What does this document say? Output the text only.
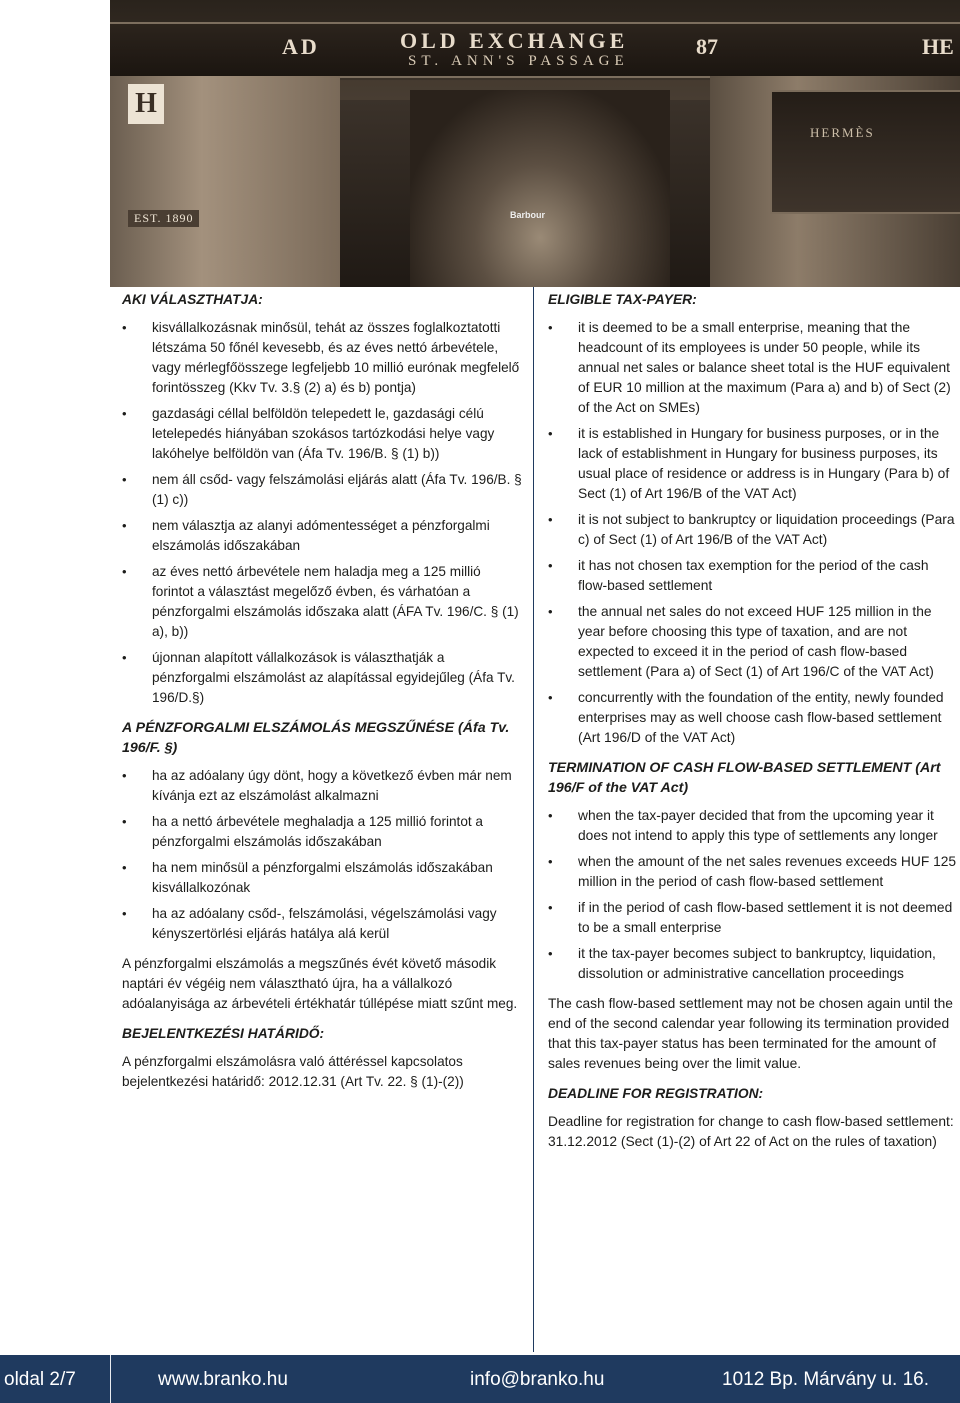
AD	OLD EXCHANGE	87	HE
ST. ANN'S PASSAGE
HERMÈS
H
EST. 1890	Barbour
AKI VÁLASZTHATJA:
• kisvállalkozásnak minősül, tehát az összes foglalkoztatotti létszáma 50 főnél kevesebb, és az éves nettó árbevétele, vagy mérlegfőösszege legfeljebb 10 millió eurónak megfelelő forintösszeg (Kkv Tv. 3.§ (2) a) és b) pontja)
• gazdasági céllal belföldön telepedett le, gazdasági célú letelepedés hiányában szokásos tartózkodási helye vagy lakóhelye belföldön van (Áfa Tv. 196/B. § (1) b))
• nem áll csőd- vagy felszámolási eljárás alatt (Áfa Tv. 196/B. § (1) c))
• nem választja az alanyi adómentességet a pénzforgalmi elszámolás időszakában
• az éves nettó árbevétele nem haladja meg a 125 millió forintot a választást megelőző évben, és várhatóan a pénzforgalmi elszámolás időszaka alatt (ÁFA Tv. 196/C. § (1) a), b))
• újonnan alapított vállalkozások is választhatják a pénzforgalmi elszámolást az alapítással egyidejűleg (Áfa Tv. 196/D.§)
A PÉNZFORGALMI ELSZÁMOLÁS MEGSZŰNÉSE (Áfa Tv. 196/F. §)
• ha az adóalany úgy dönt, hogy a következő évben már nem kívánja ezt az elszámolást alkalmazni
• ha a nettó árbevétele meghaladja a 125 millió forintot a pénzforgalmi elszámolás időszakában
• ha nem minősül a pénzforgalmi elszámolás időszakában kisvállalkozónak
• ha az adóalany csőd-, felszámolási, végelszámolási vagy kényszertörlési eljárás hatálya alá kerül

A pénzforgalmi elszámolás a megszűnés évét követő második naptári év végéig nem választható újra, ha a vállalkozó adóalanyisága az árbevételi értékhatár túllépése miatt szűnt meg.

BEJELENTKEZÉSI HATÁRIDŐ:

A pénzforgalmi elszámolásra való áttéréssel kapcsolatos bejelentkezési határidő: 2012.12.31 (Art Tv. 22. § (1)-(2))

ELIGIBLE TAX-PAYER:
• it is deemed to be a small enterprise, meaning that the headcount of its employees is under 50 people, while its annual net sales or balance sheet total is the HUF equivalent of EUR 10 million at the maximum (Para a) and b) of Sect (2) of the Act on SMEs)
• it is established in Hungary for business purposes, or in the lack of establishment in Hungary for business purposes, its usual place of residence or address is in Hungary (Para b) of Sect (1) of Art 196/B of the VAT Act)
• it is not subject to bankruptcy or liquidation proceedings (Para c) of Sect (1) of Art 196/B of the VAT Act)
• it has not chosen tax exemption for the period of the cash flow-based settlement
• the annual net sales do not exceed HUF 125 million in the year before choosing this type of taxation, and are not expected to exceed it in the period of cash flow-based settlement (Para a) of Sect (1) of Art 196/C of the VAT Act)
• concurrently with the foundation of the entity, newly founded enterprises may as well choose cash flow-based settlement (Art 196/D of the VAT Act)
TERMINATION OF CASH FLOW-BASED SETTLEMENT (Art 196/F of the VAT Act)
• when the tax-payer decided that from the upcoming year it does not intend to apply this type of settlements any longer
• when the amount of the net sales revenues exceeds HUF 125 million in the period of cash flow-based settlement
• if in the period of cash flow-based settlement it is not deemed to be a small enterprise
• it the tax-payer becomes subject to bankruptcy, liquidation, dissolution or administrative cancellation proceedings

The cash flow-based settlement may not be chosen again until the end of the second calendar year following its termination provided that this tax-payer status has been terminated for the amount of sales revenues being over the limit value.

DEADLINE FOR REGISTRATION:

Deadline for registration for change to cash flow-based settlement: 31.12.2012 (Sect (1)-(2) of Art 22 of Act on the rules of taxation)

oldal 2/7	www.branko.hu	info@branko.hu	1012 Bp. Márvány u. 16.
